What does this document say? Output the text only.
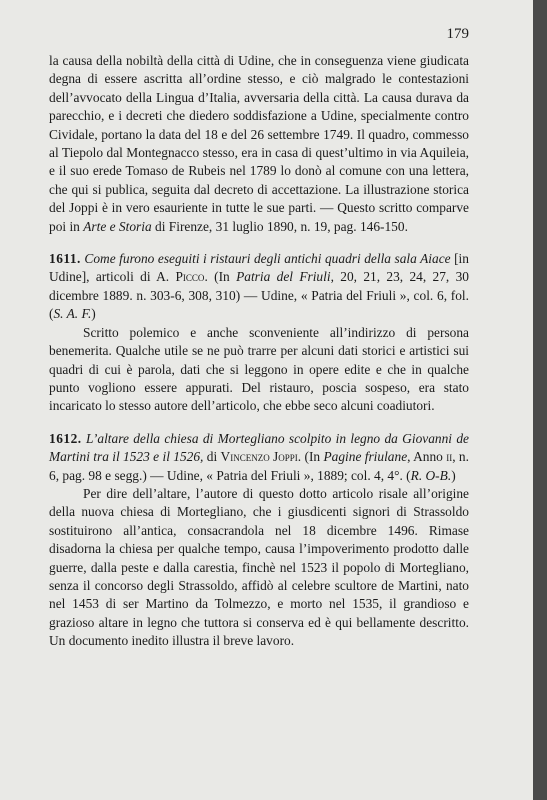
179

la causa della nobiltà della città di Udine, che in conseguenza viene giudicata degna di essere ascritta all’ordine stesso, e ciò malgrado le contestazioni dell’avvocato della Lingua d’Italia, avversaria della città. La causa durava da parecchio, e i decreti che diedero soddisfazione a Udine, specialmente contro Cividale, portano la data del 18 e del 26 settembre 1749. Il quadro, commesso al Tiepolo dal Montegnacco stesso, era in casa di quest’ultimo in via Aquileia, e il suo erede Tomaso de Rubeis nel 1789 lo donò al comune con una lettera, che qui si publica, seguita dal decreto di accettazione. La illustrazione storica del Joppi è in vero esauriente in tutte le sue parti. — Questo scritto comparve poi in Arte e Storia di Firenze, 31 luglio 1890, n. 19, pag. 146-150.

1611. Come furono eseguiti i ristauri degli antichi quadri della sala Aiace [in Udine], articoli di A. Picco. (In Patria del Friuli, 20, 21, 23, 24, 27, 30 dicembre 1889. n. 303-6, 308, 310) — Udine, « Patria del Friuli », col. 6, fol. (S. A. F.)

Scritto polemico e anche sconveniente all’indirizzo di persona benemerita. Qualche utile se ne può trarre per alcuni dati storici e artistici sui quadri di cui è parola, dati che si leggono in opere edite e che in qualche punto vogliono essere appurati. Del ristauro, poscia sospeso, era stato incaricato lo stesso autore dell’articolo, che ebbe seco alcuni coadiutori.

1612. L’altare della chiesa di Mortegliano scolpito in legno da Giovanni de Martini tra il 1523 e il 1526, di Vincenzo Joppi. (In Pagine friulane, Anno ii, n. 6, pag. 98 e segg.) — Udine, « Patria del Friuli », 1889; col. 4, 4°. (R. O-B.)

Per dire dell’altare, l’autore di questo dotto articolo risale all’origine della nuova chiesa di Mortegliano, che i giusdicenti signori di Strassoldo sostituirono all’antica, consacrandola nel 18 dicembre 1496. Rimase disadorna la chiesa per qualche tempo, causa l’impoverimento prodotto dalle guerre, dalla peste e dalla carestia, finchè nel 1523 il popolo di Mortegliano, senza il concorso degli Strassoldo, affidò al celebre scultore de Martini, nato nel 1453 di ser Martino da Tolmezzo, e morto nel 1535, il grandioso e grazioso altare in legno che tuttora si conserva ed è qui bellamente descritto. Un documento inedito illustra il breve lavoro.
